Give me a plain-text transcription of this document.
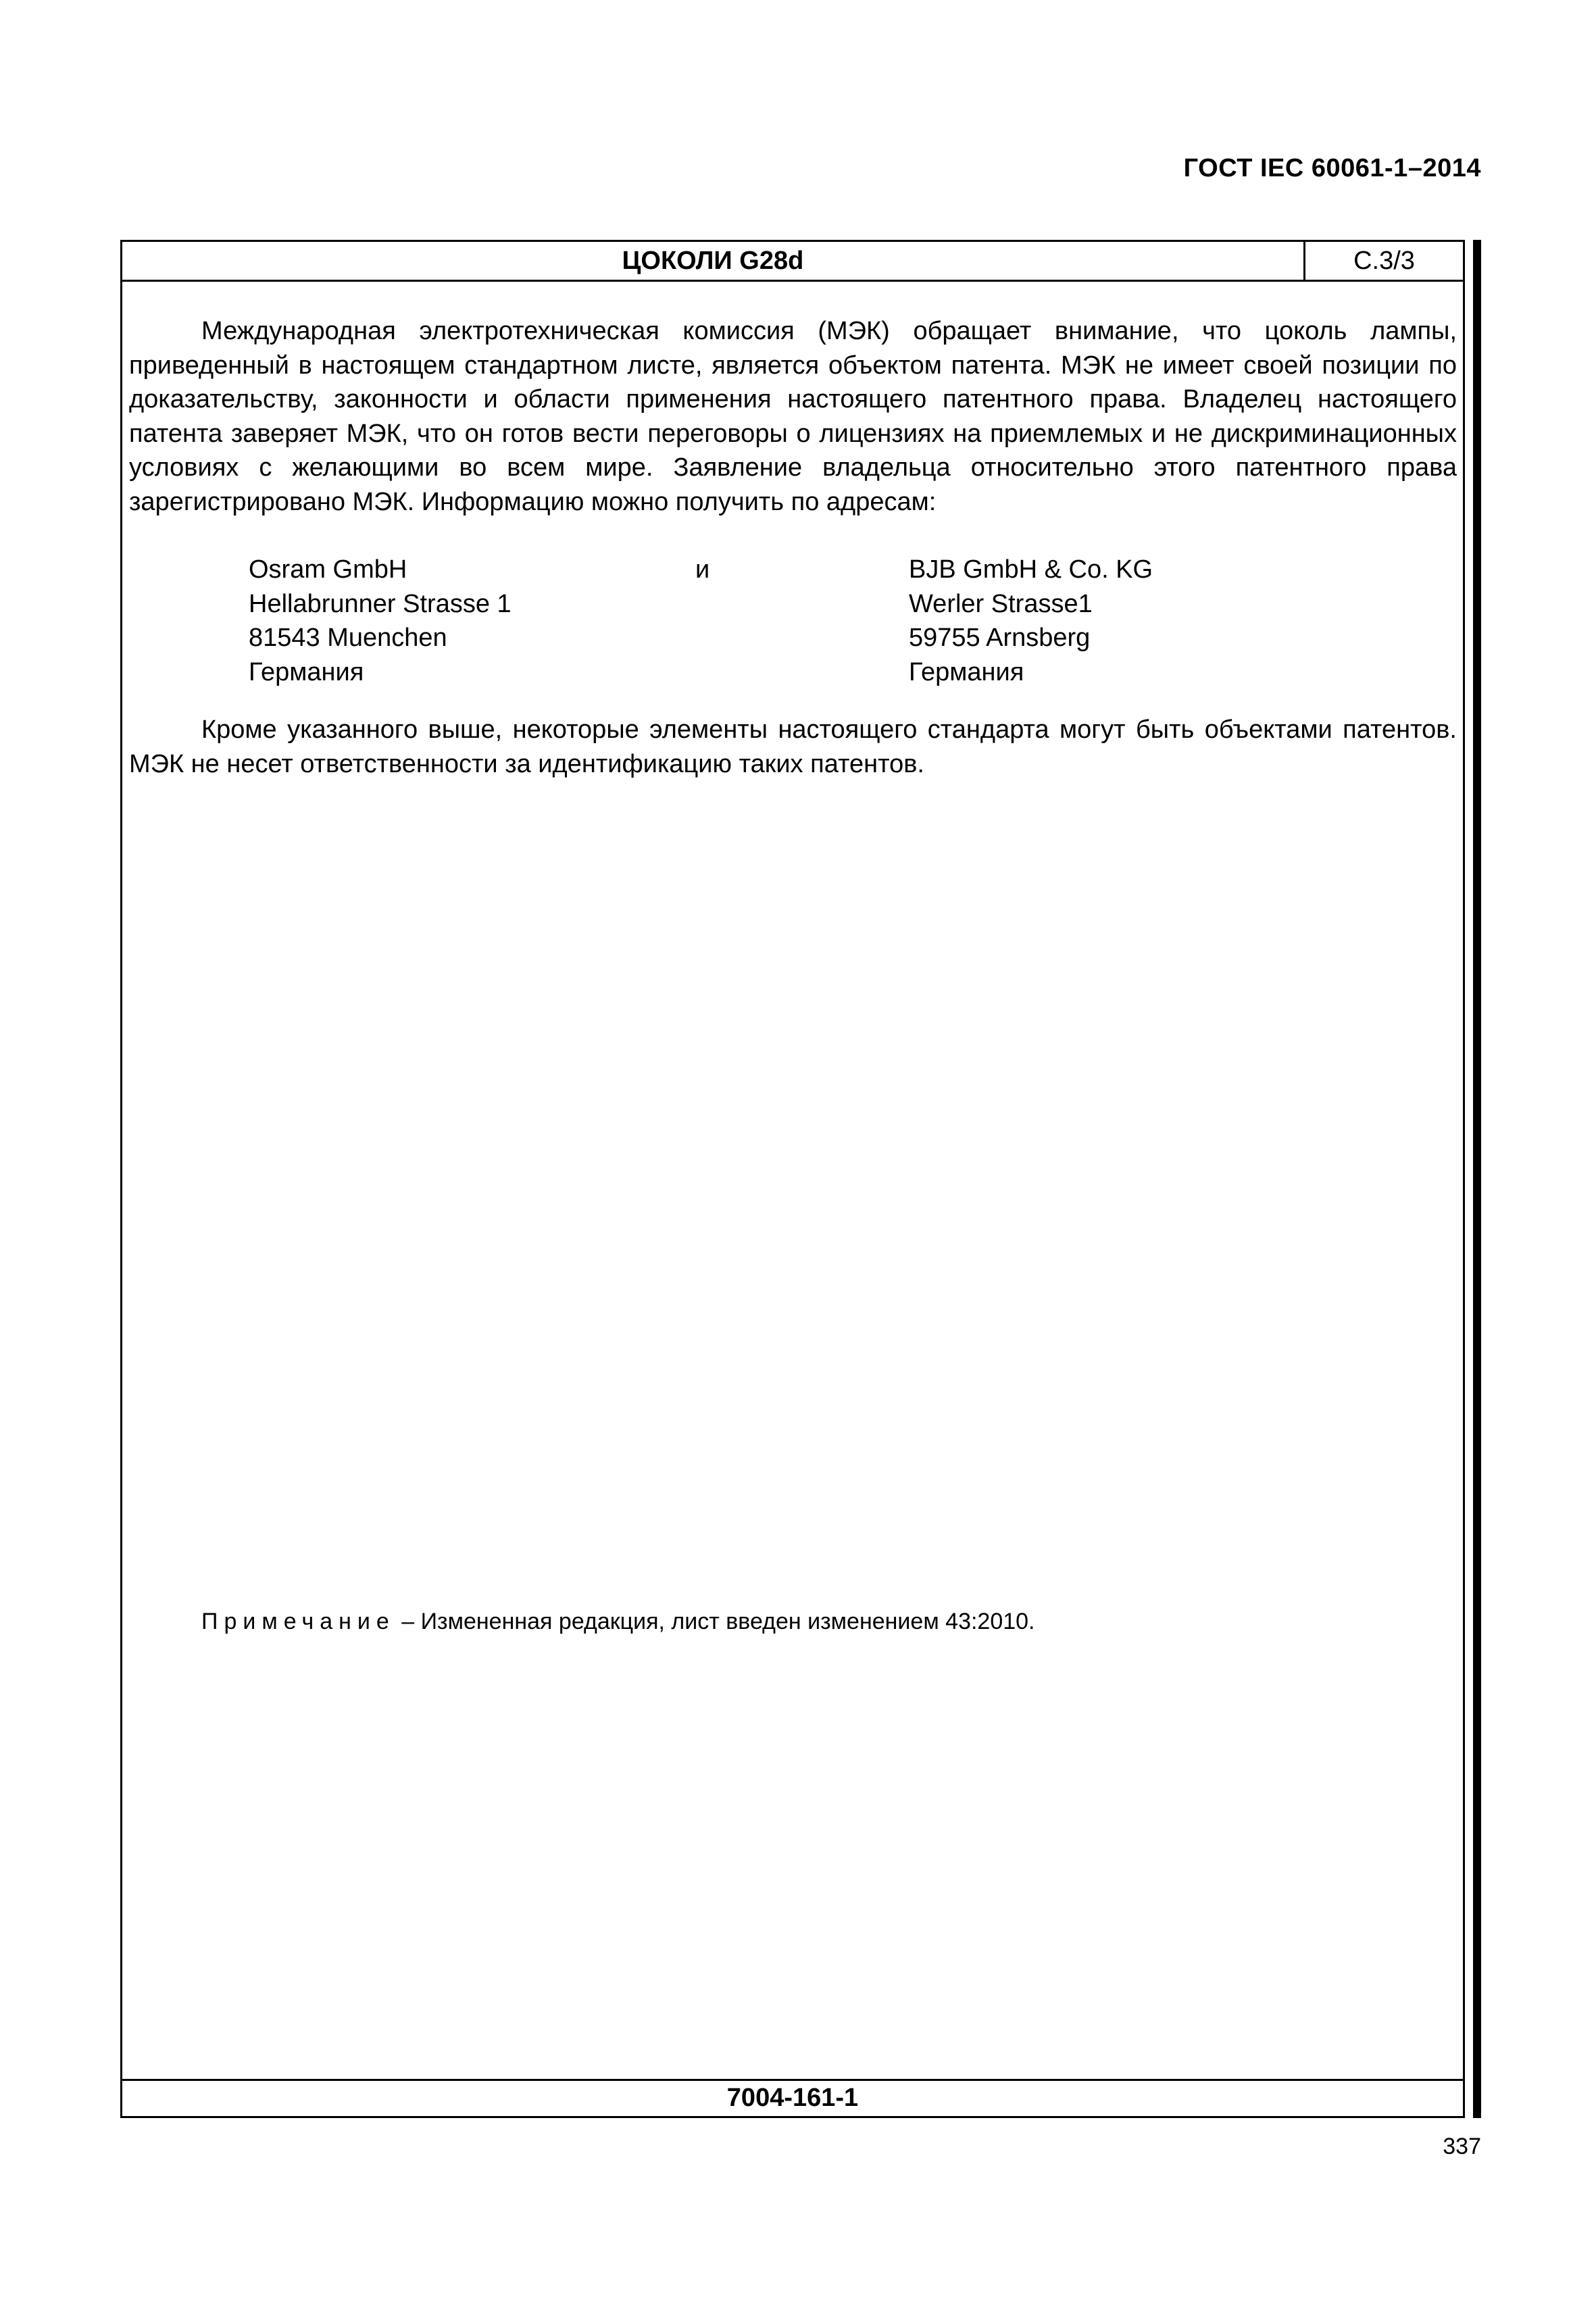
ГОСТ IEC 60061-1–2014
ЦОКОЛИ G28d	С.3/3

Международная электротехническая комиссия (МЭК) обращает внимание, что цоколь лампы, приведенный в настоящем стандартном листе, является объектом патента. МЭК не имеет своей позиции по доказательству, законности и области применения настоящего патентного права. Владелец настоящего патента заверяет МЭК, что он готов вести переговоры о лицензиях на приемлемых и не дискриминационных условиях с желающими во всем мире. Заявление владельца относительно этого патентного права зарегистрировано МЭК. Информацию можно получить по адресам:

Osram GmbH
Hellabrunner Strasse 1
81543 Muenchen
Германия
и	BJB GmbH & Co. KG
Werler Strasse1
59755 Arnsberg
Германия

Кроме указанного выше, некоторые элементы настоящего стандарта могут быть объектами патентов. МЭК не несет ответственности за идентификацию таких патентов.

Примечание – Измененная редакция, лист введен изменением 43:2010.
7004-161-1
337
